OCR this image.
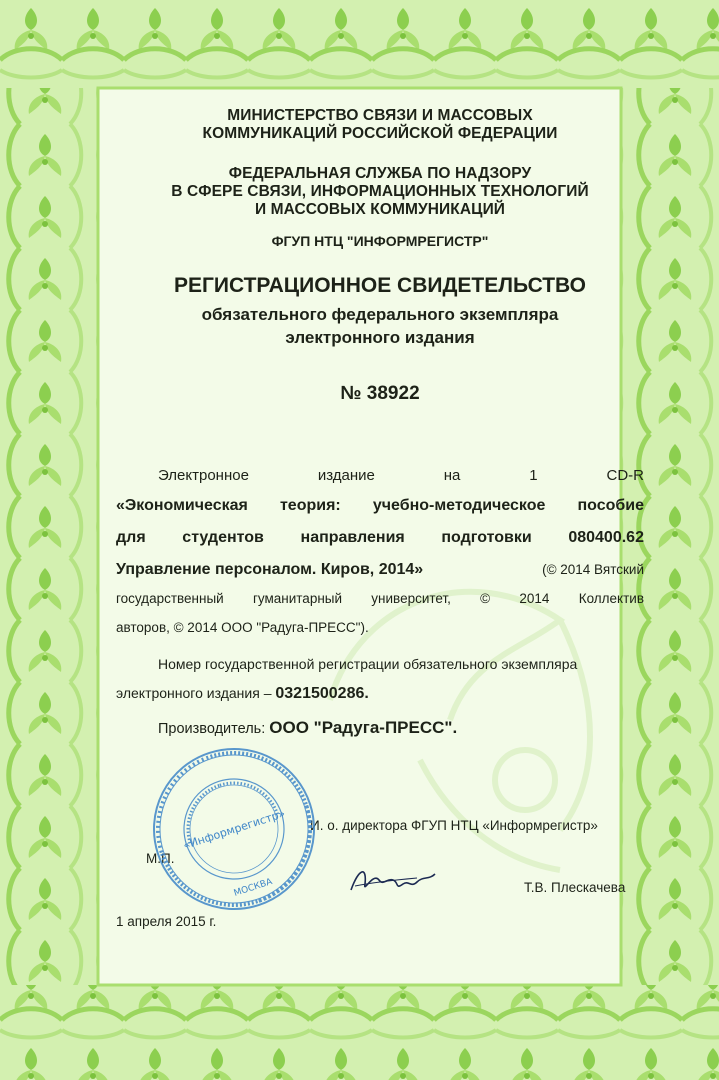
МИНИСТЕРСТВО СВЯЗИ И МАССОВЫХ
КОММУНИКАЦИЙ РОССИЙСКОЙ ФЕДЕРАЦИИ
ФЕДЕРАЛЬНАЯ СЛУЖБА ПО НАДЗОРУ
В СФЕРЕ СВЯЗИ, ИНФОРМАЦИОННЫХ ТЕХНОЛОГИЙ
И МАССОВЫХ КОММУНИКАЦИЙ
ФГУП НТЦ "ИНФОРМРЕГИСТР"
РЕГИСТРАЦИОННОЕ СВИДЕТЕЛЬСТВО
обязательного федерального экземпляра
электронного издания
№ 38922
Электронное	издание	на	1	CD-R
«Экономическая теория: учебно-методическое пособие
для студентов направления подготовки 080400.62
Управление персоналом. Киров, 2014»	(© 2014 Вятский
государственный гуманитарный университет, © 2014 Коллектив
авторов, © 2014 ООО "Радуга-ПРЕСС").
Номер государственной регистрации обязательного экземпляра
электронного издания – 0321500286.
Производитель: ООО "Радуга-ПРЕСС".
И. о. директора ФГУП НТЦ «Информрегистр»
М.П.
Т.В. Плескачева
1 апреля 2015 г.
«Информрегистр»
МОСКВА
